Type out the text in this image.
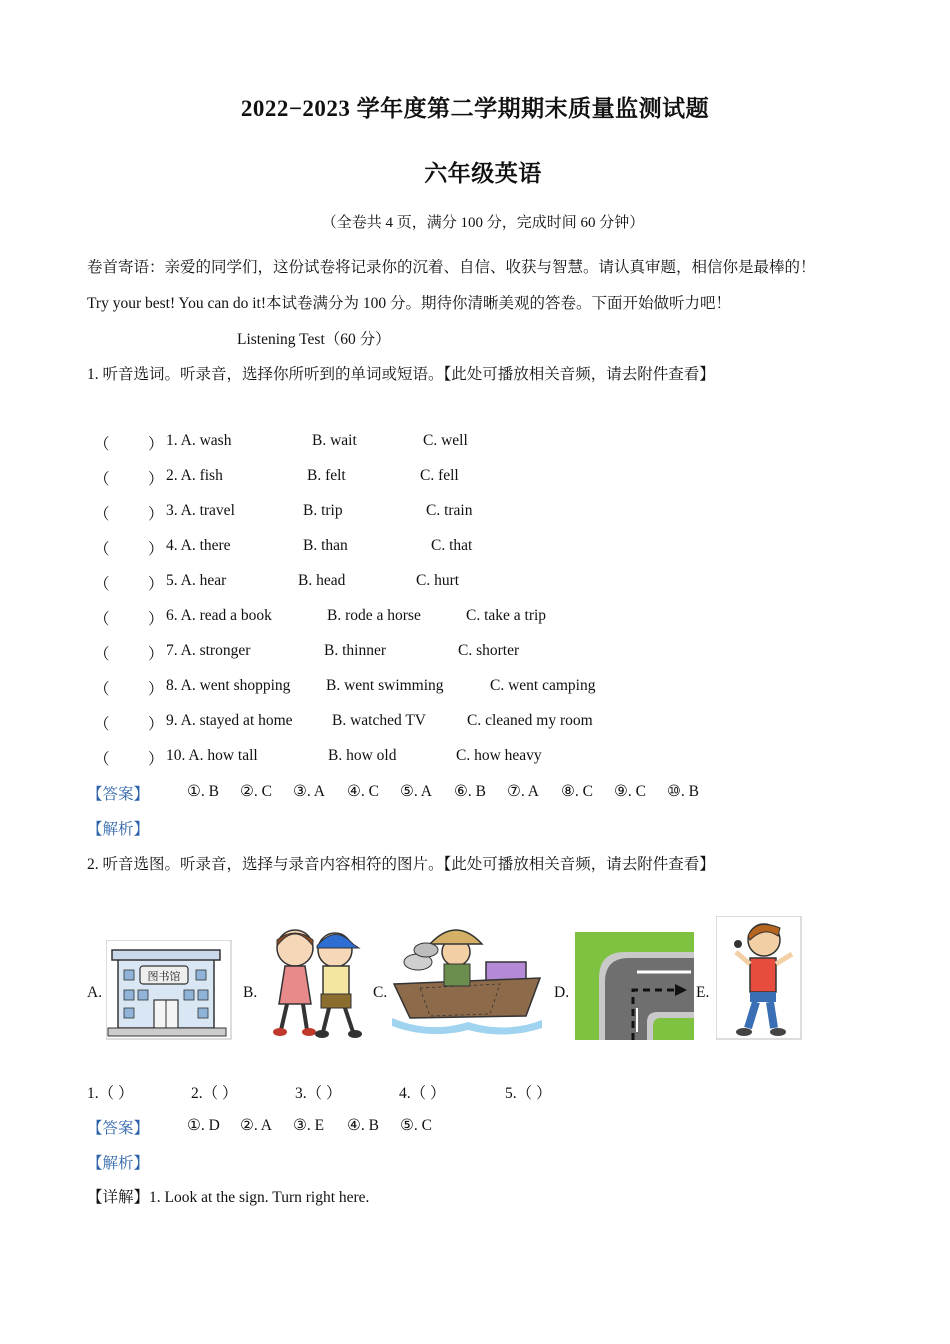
2022−2023 学年度第二学期期末质量监测试题
六年级英语
（全卷共 4 页，满分 100 分，完成时间 60 分钟）
卷首寄语：亲爱的同学们，这份试卷将记录你的沉着、自信、收获与智慧。请认真审题，相信你是最棒的！
Try your best! You can do it!本试卷满分为 100 分。期待你清晰美观的答卷。下面开始做听力吧！
Listening Test（60 分）
1. 听音选词。听录音，选择你所听到的单词或短语。【此处可播放相关音频，请去附件查看】
（ ） 1. A. wash	B. wait	C. well
（ ） 2. A. fish	B. felt	C. fell
（ ） 3. A. travel	B. trip	C. train
（ ） 4. A. there	B. than	C. that
（ ） 5. A. hear	B. head	C. hurt
（ ） 6. A. read a book	B. rode a horse	C. take a trip
（ ） 7. A. stronger	B. thinner	C. shorter
（ ） 8. A. went shopping B. went swimming	C. went camping
（ ） 9. A. stayed at home	B. watched TV	C. cleaned my room
（ ） 10. A. how tall	B. how old	C. how heavy
【答案】 ①. B ②. C ③. A ④. C ⑤. A ⑥. B ⑦. A ⑧. C ⑨. C ⑩. B
【解析】
2. 听音选图。听录音，选择与录音内容相符的图片。【此处可播放相关音频，请去附件查看】
A.	B.	C.	D.	E.
图书馆
1.（ ）	2.（ ）	3.（ ）	4.（ ）	5.（ ）
【答案】 ①. D ②. A ③. E ④. B ⑤. C
【解析】
【详解】1. Look at the sign. Turn right here.
